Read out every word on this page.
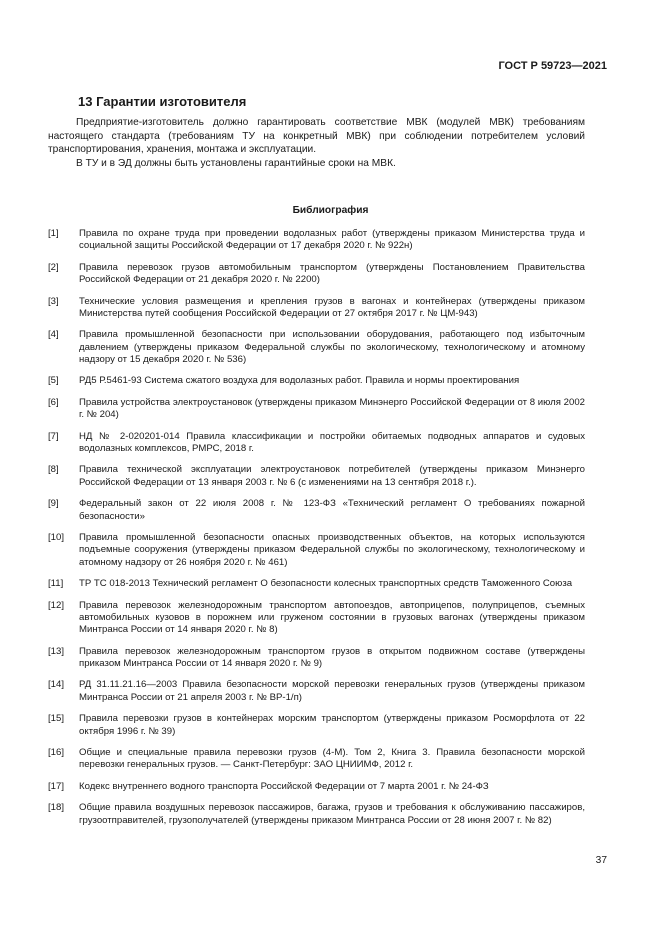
ГОСТ Р 59723—2021
13 Гарантии изготовителя

Предприятие-изготовитель должно гарантировать соответствие МВК (модулей МВК) требованиям настоящего стандарта (требованиям ТУ на конкретный МВК) при соблюдении потребителем условий транспортирования, хранения, монтажа и эксплуатации.

В ТУ и в ЭД должны быть установлены гарантийные сроки на МВК.

Библиография
[1]	Правила по охране труда при проведении водолазных работ (утверждены приказом Министерства труда и социальной защиты Российской Федерации от 17 декабря 2020 г. № 922н)
[2]	Правила перевозок грузов автомобильным транспортом (утверждены Постановлением Правительства Российской Федерации от 21 декабря 2020 г. № 2200)
[3]	Технические условия размещения и крепления грузов в вагонах и контейнерах (утверждены приказом Министерства путей сообщения Российской Федерации от 27 октября 2017 г. № ЦМ-943)
[4]	Правила промышленной безопасности при использовании оборудования, работающего под избыточным давлением (утверждены приказом Федеральной службы по экологическому, технологическому и атомному надзору от 15 декабря 2020 г. № 536)
[5]	РД5 Р.5461-93 Система сжатого воздуха для водолазных работ. Правила и нормы проектирования
[6]	Правила устройства электроустановок (утверждены приказом Минэнерго Российской Федерации от 8 июля 2002 г. № 204)
[7]	НД № 2-020201-014 Правила классификации и постройки обитаемых подводных аппаратов и судовых водолазных комплексов, РМРС, 2018 г.
[8]	Правила технической эксплуатации электроустановок потребителей (утверждены приказом Минэнерго Российской Федерации от 13 января 2003 г. № 6 (с изменениями на 13 сентября 2018 г.).
[9]	Федеральный закон от 22 июля 2008 г. № 123-ФЗ «Технический регламент О требованиях пожарной безопасности»
[10]	Правила промышленной безопасности опасных производственных объектов, на которых используются подъемные сооружения (утверждены приказом Федеральной службы по экологическому, технологическому и атомному надзору от 26 ноября 2020 г. № 461)
[11]	ТР ТС 018-2013 Технический регламент О безопасности колесных транспортных средств Таможенного Союза
[12]	Правила перевозок железнодорожным транспортом автопоездов, автоприцепов, полуприцепов, съемных автомобильных кузовов в порожнем или груженом состоянии в грузовых вагонах (утверждены приказом Минтранса России от 14 января 2020 г. № 8)
[13]	Правила перевозок железнодорожным транспортом грузов в открытом подвижном составе (утверждены приказом Минтранса России от 14 января 2020 г. № 9)
[14]	РД 31.11.21.16—2003 Правила безопасности морской перевозки генеральных грузов (утверждены приказом Минтранса России от 21 апреля 2003 г. № ВР-1/п)
[15]	Правила перевозки грузов в контейнерах морским транспортом (утверждены приказом Росморфлота от 22 октября 1996 г. № 39)
[16]	Общие и специальные правила перевозки грузов (4-М). Том 2, Книга 3. Правила безопасности морской перевозки генеральных грузов. — Санкт-Петербург: ЗАО ЦНИИМФ, 2012 г.
[17]	Кодекс внутреннего водного транспорта Российской Федерации от 7 марта 2001 г. № 24-ФЗ
[18]	Общие правила воздушных перевозок пассажиров, багажа, грузов и требования к обслуживанию пассажиров, грузоотправителей, грузополучателей (утверждены приказом Минтранса России от 28 июня 2007 г. № 82)
37
